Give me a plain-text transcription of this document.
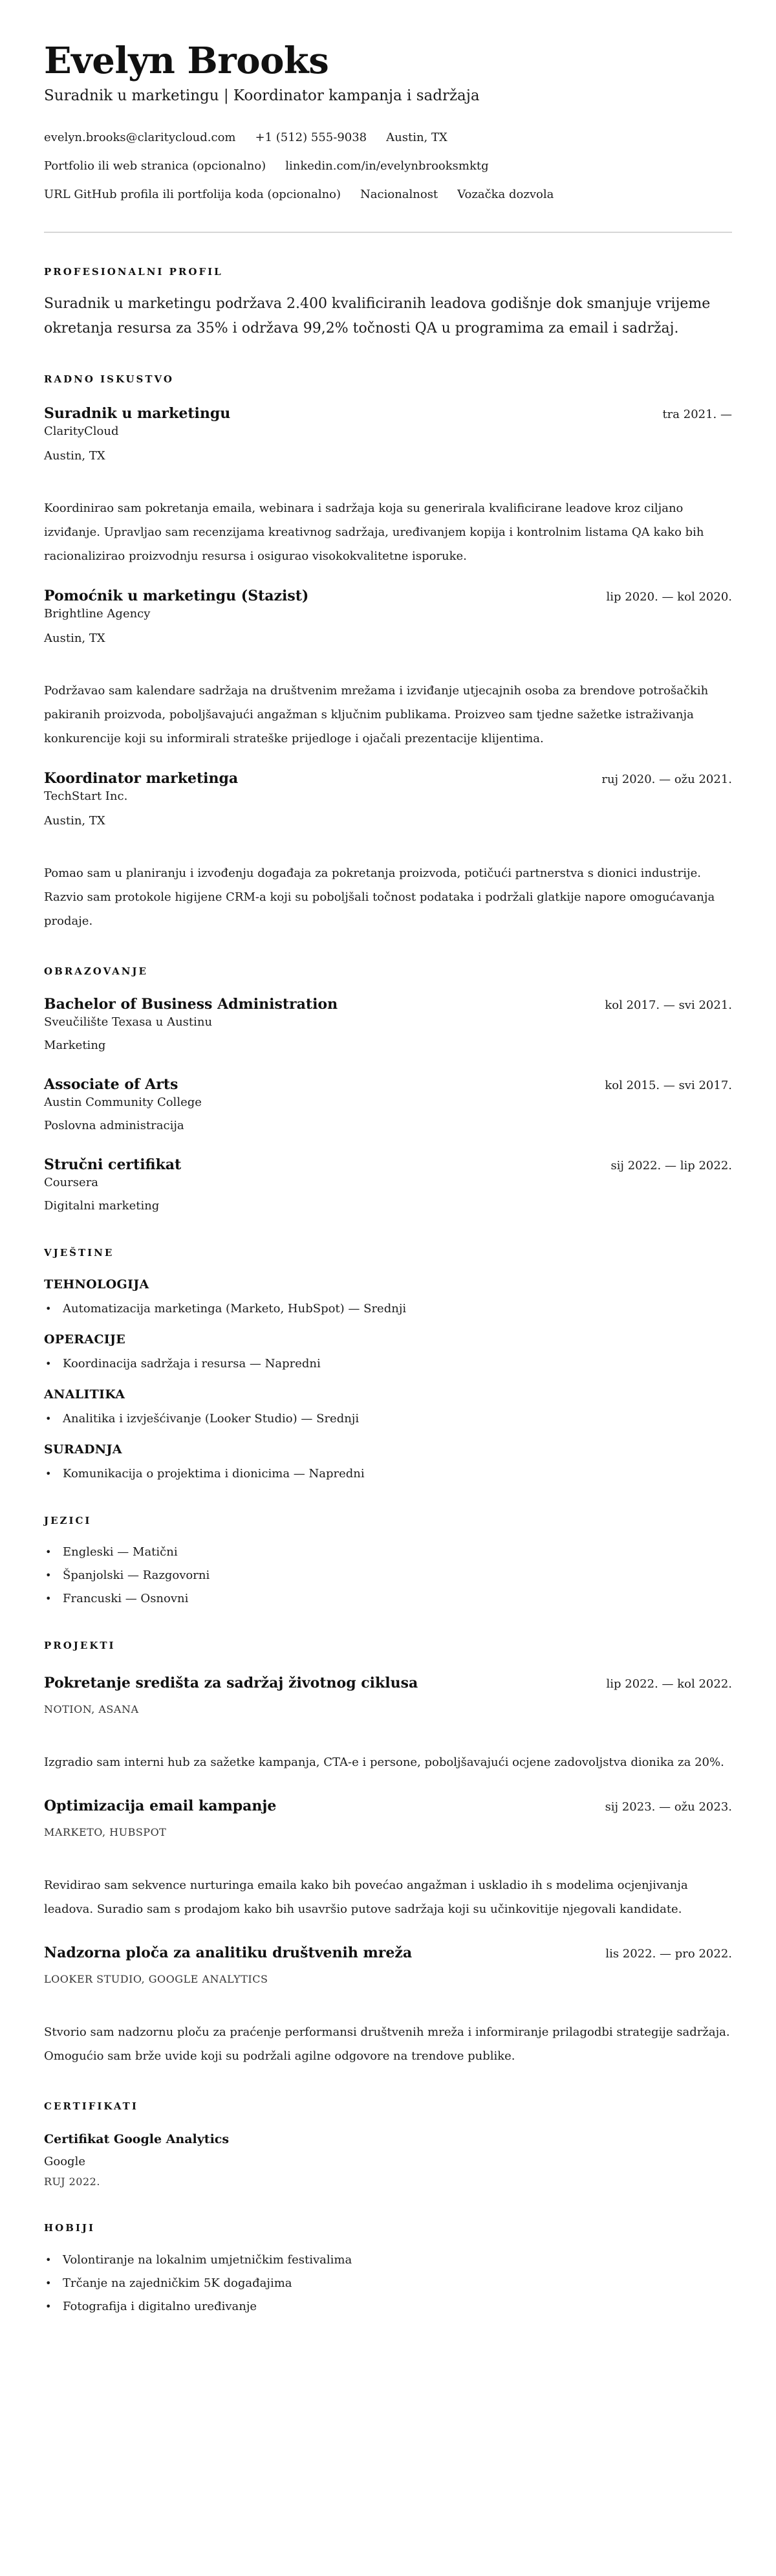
Evelyn Brooks
Suradnik u marketingu | Koordinator kampanja i sadržaja
evelyn.brooks@claritycloud.com +1 (512) 555-9038 Austin, TX
Portfolio ili web stranica (opcionalno) linkedin.com/in/evelynbrooksmktg
URL GitHub profila ili portfolija koda (opcionalno) Nacionalnost Vozačka dozvola
PROFESIONALNI PROFIL

Suradnik u marketingu podržava 2.400 kvalificiranih leadova godišnje dok smanjuje vrijeme okretanja resursa za 35% i održava 99,2% točnosti QA u programima za email i sadržaj.

RADNO ISKUSTVO
Suradnik u marketingu	tra 2021. —
ClarityCloud
Austin, TX

Koordinirao sam pokretanja emaila, webinara i sadržaja koja su generirala kvalificirane leadove kroz ciljano izviđanje. Upravljao sam recenzijama kreativnog sadržaja, uređivanjem kopija i kontrolnim listama QA kako bih racionalizirao proizvodnju resursa i osigurao visokokvalitetne isporuke.

Pomoćnik u marketingu (Stazist)	lip 2020. — kol 2020.
Brightline Agency
Austin, TX

Podržavao sam kalendare sadržaja na društvenim mrežama i izviđanje utjecajnih osoba za brendove potrošačkih pakiranih proizvoda, poboljšavajući angažman s ključnim publikama. Proizveo sam tjedne sažetke istraživanja konkurencije koji su informirali strateške prijedloge i ojačali prezentacije klijentima.

Koordinator marketinga	ruj 2020. — ožu 2021.
TechStart Inc.
Austin, TX

Pomao sam u planiranju i izvođenju događaja za pokretanja proizvoda, potičući partnerstva s dionici industrije. Razvio sam protokole higijene CRM-a koji su poboljšali točnost podataka i podržali glatkije napore omogućavanja prodaje.

OBRAZOVANJE
Bachelor of Business Administration	kol 2017. — svi 2021.
Sveučilište Texasa u Austinu
Marketing
Associate of Arts	kol 2015. — svi 2017.
Austin Community College
Poslovna administracija
Stručni certifikat	sij 2022. — lip 2022.
Coursera
Digitalni marketing
VJEŠTINE
TEHNOLOGIJA
• Automatizacija marketinga (Marketo, HubSpot) — Srednji
OPERACIJE
• Koordinacija sadržaja i resursa — Napredni
ANALITIKA
• Analitika i izvješćivanje (Looker Studio) — Srednji
SURADNJA
• Komunikacija o projektima i dionicima — Napredni
JEZICI
• Engleski — Matični
• Španjolski — Razgovorni
• Francuski — Osnovni
PROJEKTI
Pokretanje središta za sadržaj životnog ciklusa	lip 2022. — kol 2022.
NOTION, ASANA

Izgradio sam interni hub za sažetke kampanja, CTA-e i persone, poboljšavajući ocjene zadovoljstva dionika za 20%.

Optimizacija email kampanje	sij 2023. — ožu 2023.
MARKETO, HUBSPOT

Revidirao sam sekvence nurturinga emaila kako bih povećao angažman i uskladio ih s modelima ocjenjivanja leadova. Suradio sam s prodajom kako bih usavršio putove sadržaja koji su učinkovitije njegovali kandidate.

Nadzorna ploča za analitiku društvenih mreža	lis 2022. — pro 2022.
LOOKER STUDIO, GOOGLE ANALYTICS

Stvorio sam nadzornu ploču za praćenje performansi društvenih mreža i informiranje prilagodbi strategije sadržaja. Omogućio sam brže uvide koji su podržali agilne odgovore na trendove publike.

CERTIFIKATI
Certifikat Google Analytics
Google
RUJ 2022.
HOBIJI
• Volontiranje na lokalnim umjetničkim festivalima
• Trčanje na zajedničkim 5K događajima
• Fotografija i digitalno uređivanje
